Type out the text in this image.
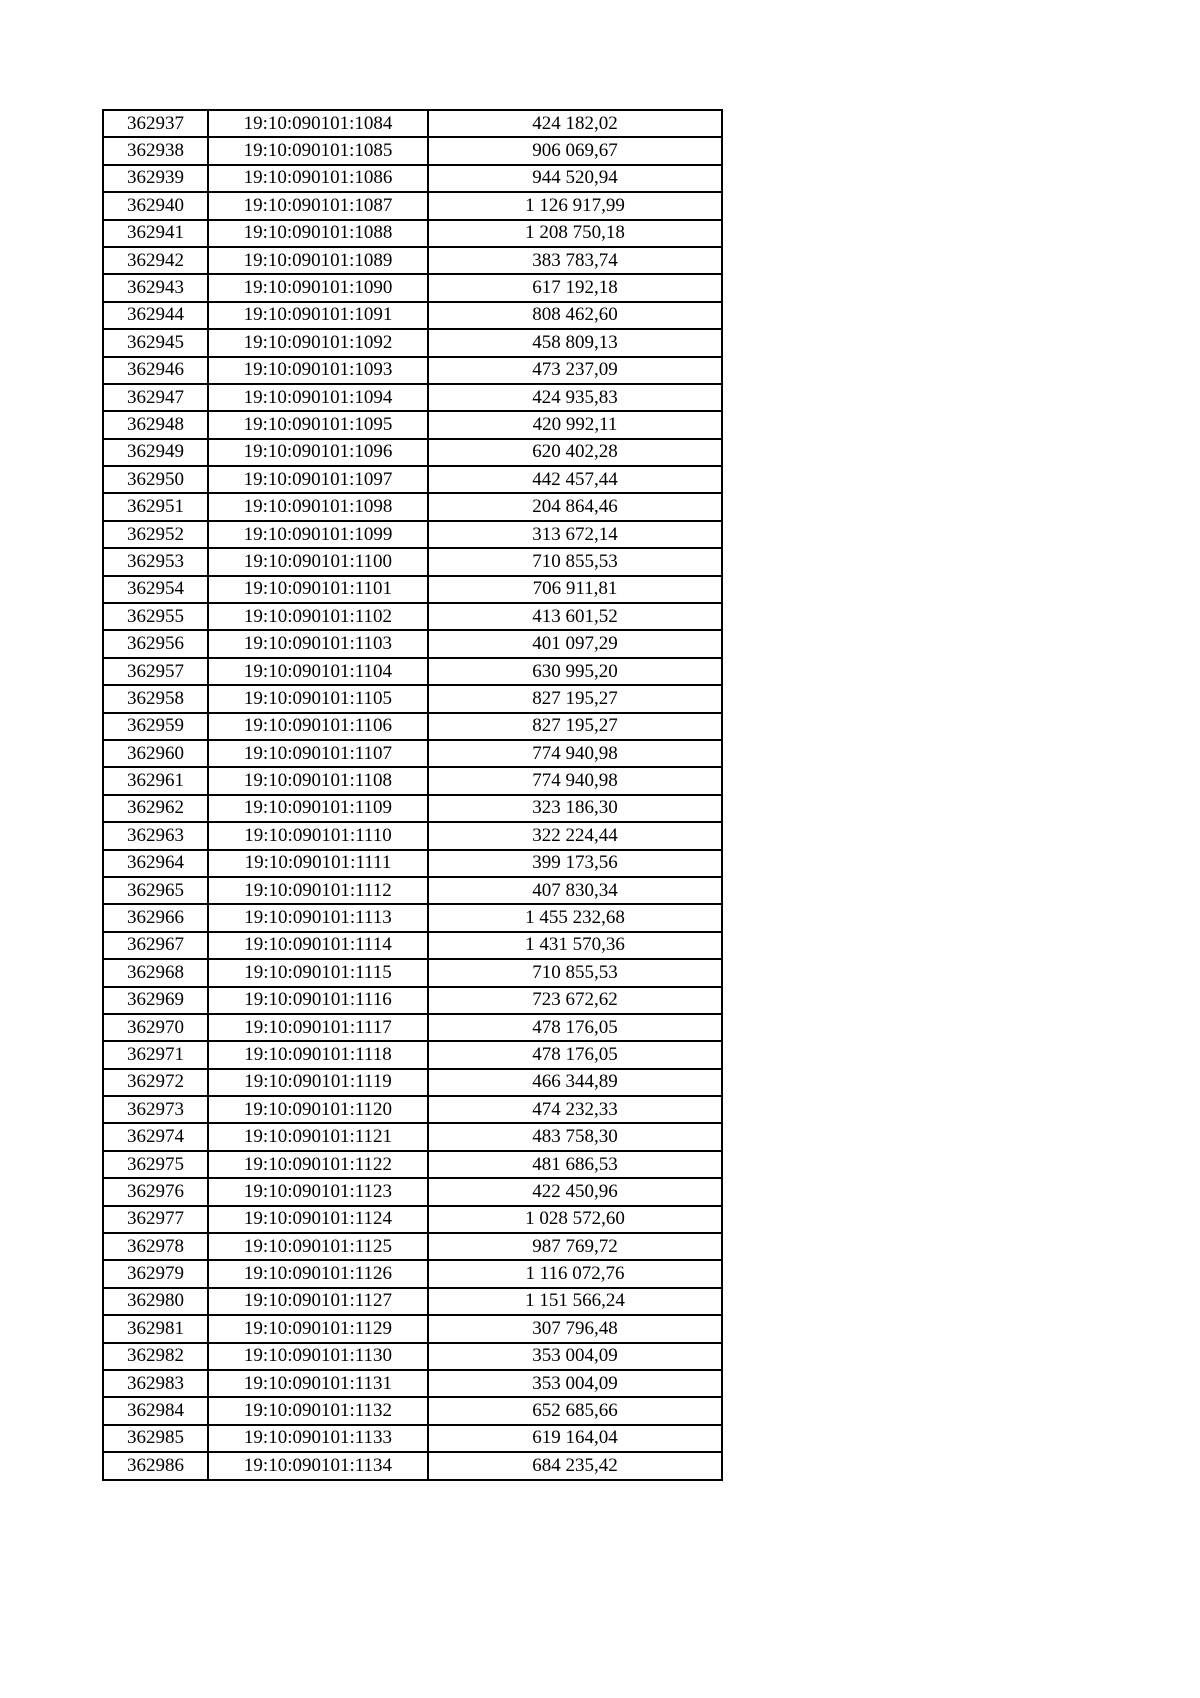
362937	19:10:090101:1084	424 182,02
362938	19:10:090101:1085	906 069,67
362939	19:10:090101:1086	944 520,94
362940	19:10:090101:1087	1 126 917,99
362941	19:10:090101:1088	1 208 750,18
362942	19:10:090101:1089	383 783,74
362943	19:10:090101:1090	617 192,18
362944	19:10:090101:1091	808 462,60
362945	19:10:090101:1092	458 809,13
362946	19:10:090101:1093	473 237,09
362947	19:10:090101:1094	424 935,83
362948	19:10:090101:1095	420 992,11
362949	19:10:090101:1096	620 402,28
362950	19:10:090101:1097	442 457,44
362951	19:10:090101:1098	204 864,46
362952	19:10:090101:1099	313 672,14
362953	19:10:090101:1100	710 855,53
362954	19:10:090101:1101	706 911,81
362955	19:10:090101:1102	413 601,52
362956	19:10:090101:1103	401 097,29
362957	19:10:090101:1104	630 995,20
362958	19:10:090101:1105	827 195,27
362959	19:10:090101:1106	827 195,27
362960	19:10:090101:1107	774 940,98
362961	19:10:090101:1108	774 940,98
362962	19:10:090101:1109	323 186,30
362963	19:10:090101:1110	322 224,44
362964	19:10:090101:1111	399 173,56
362965	19:10:090101:1112	407 830,34
362966	19:10:090101:1113	1 455 232,68
362967	19:10:090101:1114	1 431 570,36
362968	19:10:090101:1115	710 855,53
362969	19:10:090101:1116	723 672,62
362970	19:10:090101:1117	478 176,05
362971	19:10:090101:1118	478 176,05
362972	19:10:090101:1119	466 344,89
362973	19:10:090101:1120	474 232,33
362974	19:10:090101:1121	483 758,30
362975	19:10:090101:1122	481 686,53
362976	19:10:090101:1123	422 450,96
362977	19:10:090101:1124	1 028 572,60
362978	19:10:090101:1125	987 769,72
362979	19:10:090101:1126	1 116 072,76
362980	19:10:090101:1127	1 151 566,24
362981	19:10:090101:1129	307 796,48
362982	19:10:090101:1130	353 004,09
362983	19:10:090101:1131	353 004,09
362984	19:10:090101:1132	652 685,66
362985	19:10:090101:1133	619 164,04
362986	19:10:090101:1134	684 235,42
